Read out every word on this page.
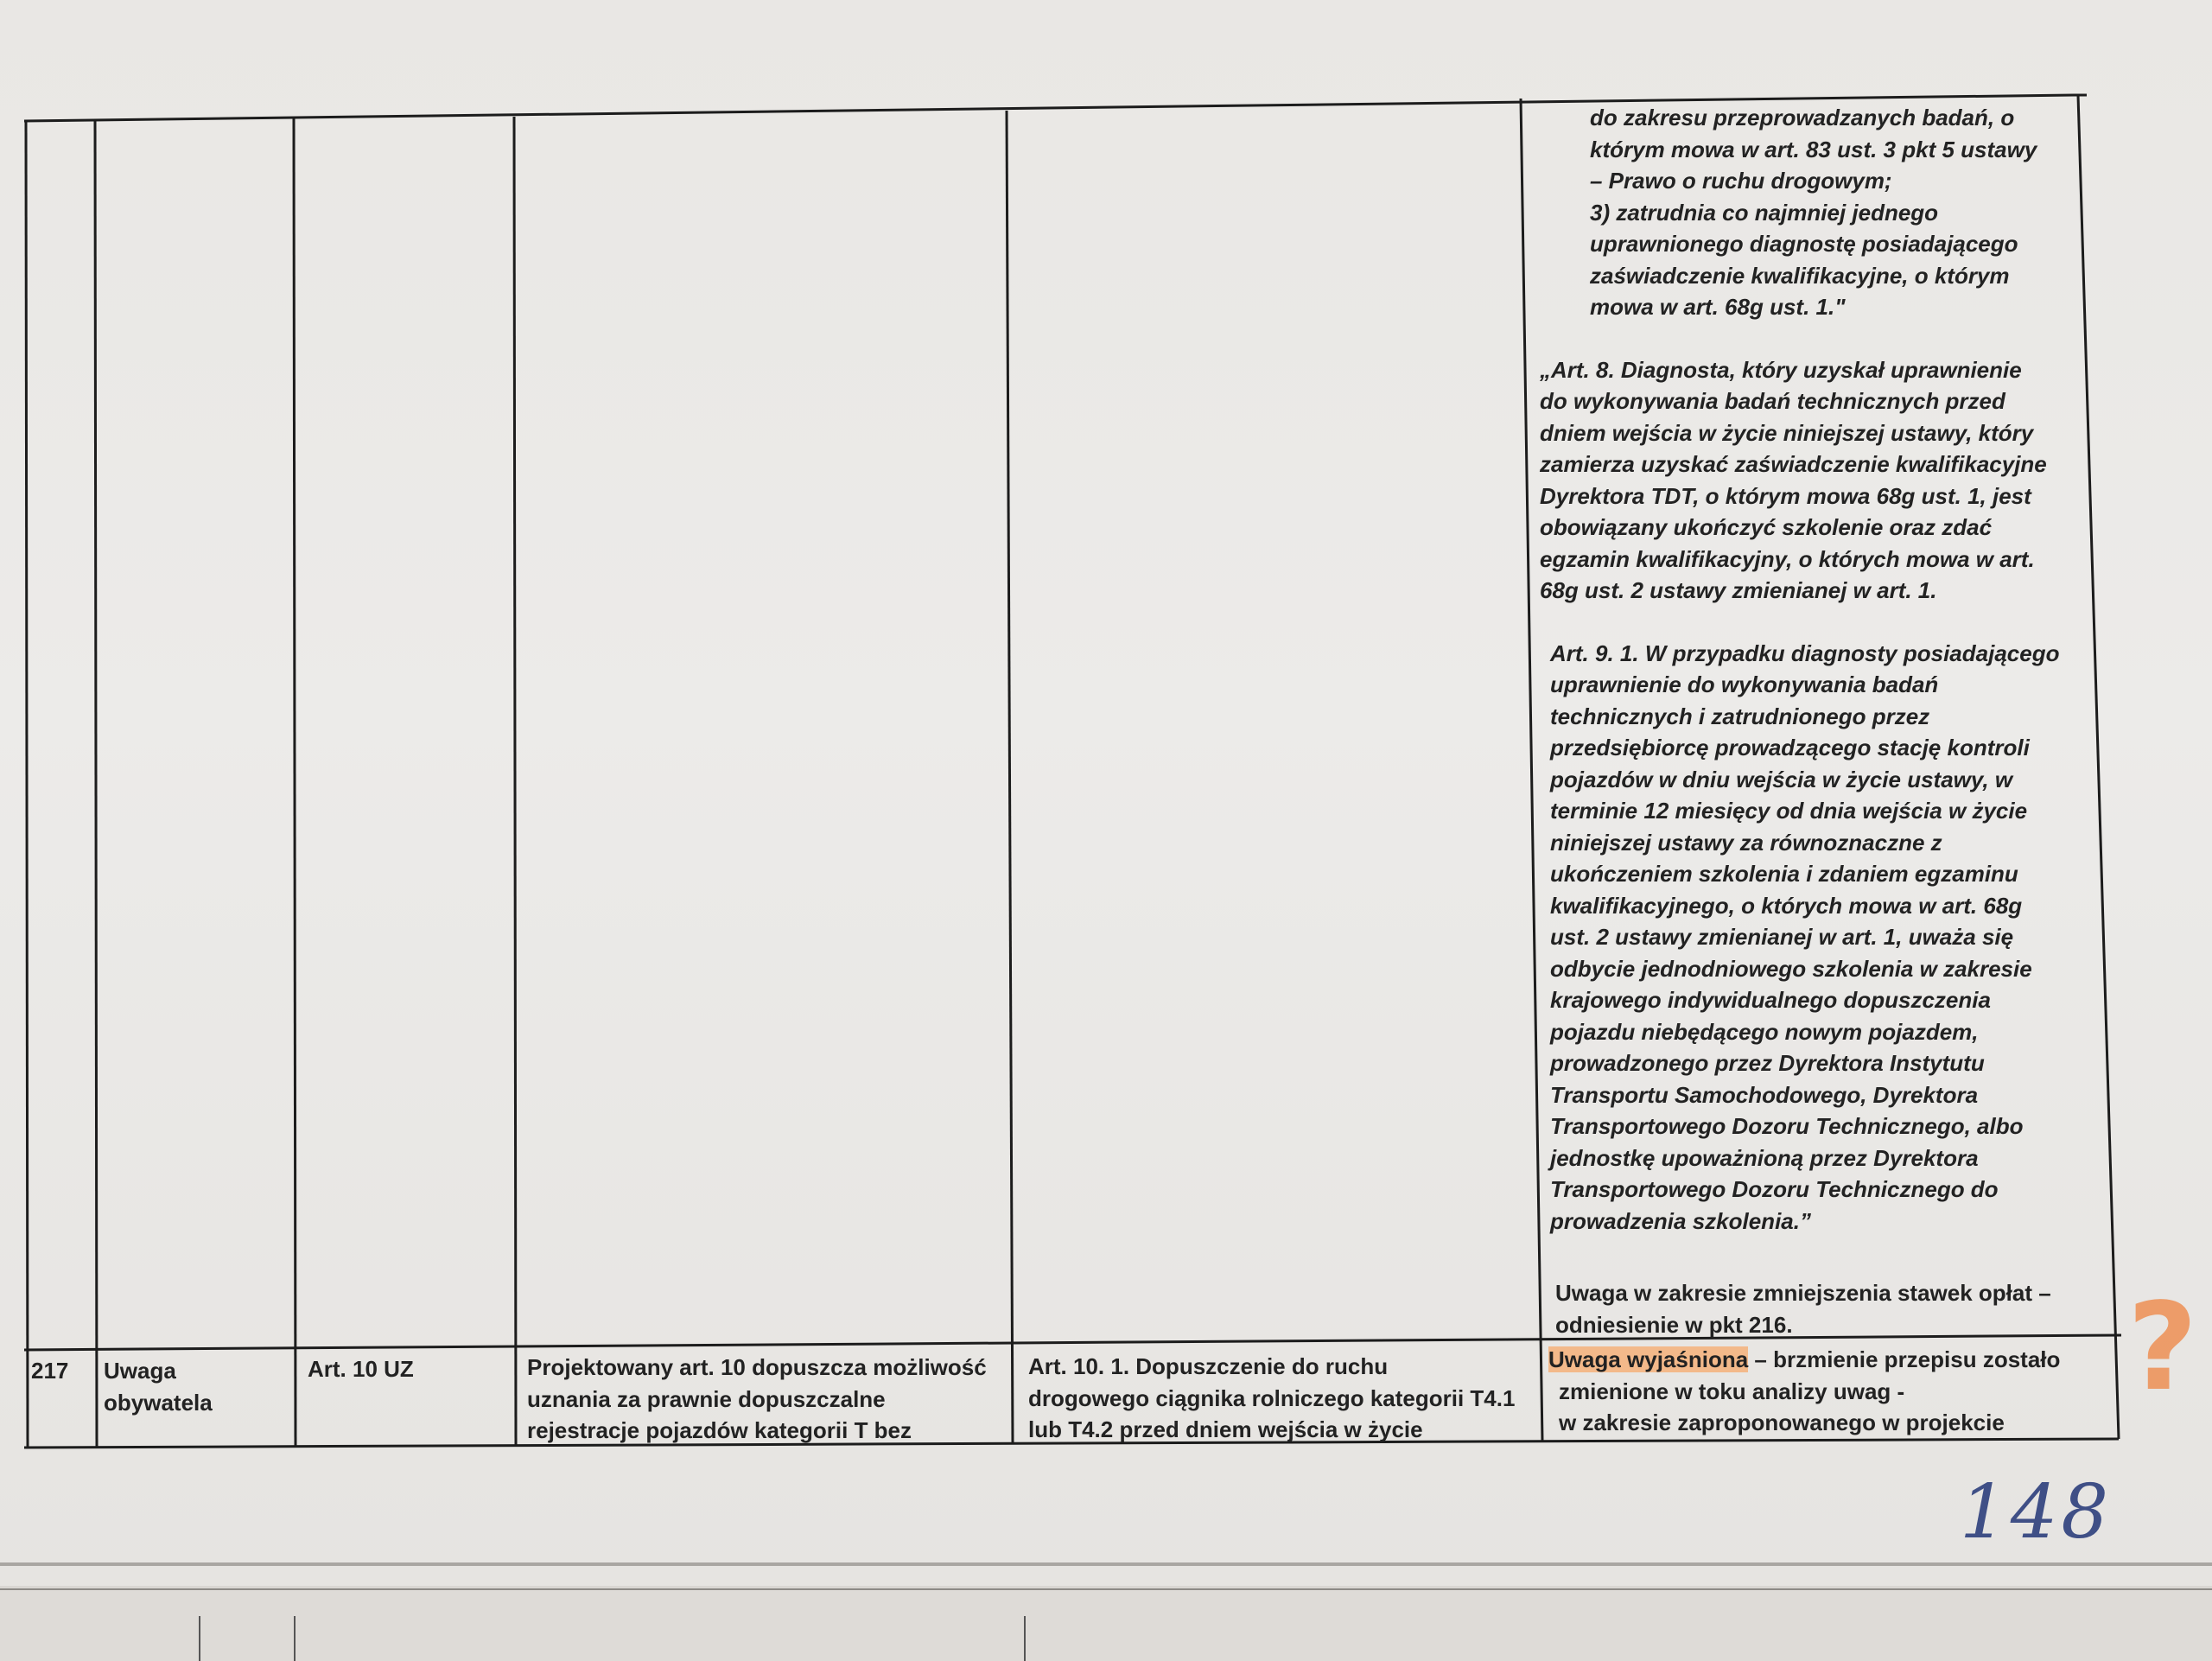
do zakresu przeprowadzanych badań, o

którym mowa w art. 83 ust. 3 pkt 5 ustawy

– Prawo o ruchu drogowym;

3) zatrudnia co najmniej jednego

uprawnionego diagnostę posiadającego

zaświadczenie kwalifikacyjne, o którym

mowa w art. 68g ust. 1."

„Art. 8. Diagnosta, który uzyskał uprawnienie

do wykonywania badań technicznych przed

dniem wejścia w życie niniejszej ustawy, który

zamierza uzyskać zaświadczenie kwalifikacyjne

Dyrektora TDT, o którym mowa 68g ust. 1, jest

obowiązany ukończyć szkolenie oraz zdać

egzamin kwalifikacyjny, o których mowa w art.

68g ust. 2 ustawy zmienianej w art. 1.

Art. 9. 1. W przypadku diagnosty posiadającego

uprawnienie do wykonywania badań

technicznych i zatrudnionego przez

przedsiębiorcę prowadzącego stację kontroli

pojazdów w dniu wejścia w życie ustawy, w

terminie 12 miesięcy od dnia wejścia w życie

niniejszej ustawy za równoznaczne z

ukończeniem szkolenia i zdaniem egzaminu

kwalifikacyjnego, o których mowa w art. 68g

ust. 2 ustawy zmienianej w art. 1, uważa się

odbycie jednodniowego szkolenia w zakresie

krajowego indywidualnego dopuszczenia

pojazdu niebędącego nowym pojazdem,

prowadzonego przez Dyrektora Instytutu

Transportu Samochodowego, Dyrektora

Transportowego Dozoru Technicznego, albo

jednostkę upoważnioną przez Dyrektora

Transportowego Dozoru Technicznego do

prowadzenia szkolenia.”

Uwaga w zakresie zmniejszenia stawek opłat –

odniesienie w pkt 216.

217	Uwaga

obywatela

Art. 10 UZ	Projektowany art. 10 dopuszcza możliwość

uznania za prawnie dopuszczalne

rejestracje pojazdów kategorii T bez

Art. 10. 1. Dopuszczenie do ruchu

drogowego ciągnika rolniczego kategorii T4.1

lub T4.2 przed dniem wejścia w życie

Uwaga wyjaśniona – brzmienie przepisu zostało

zmienione w toku analizy uwag -

w zakresie zaproponowanego w projekcie

148
?
